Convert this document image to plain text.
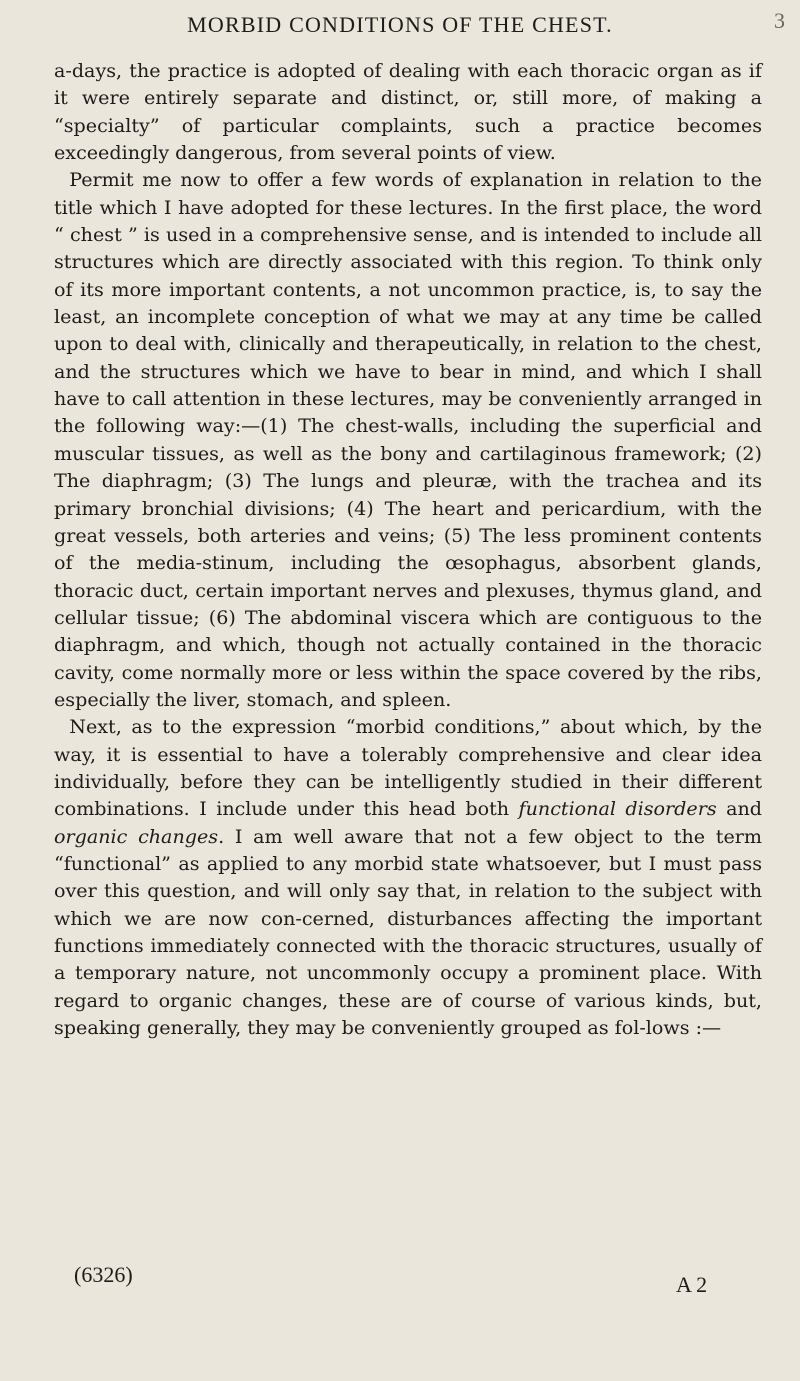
MORBID CONDITIONS OF THE CHEST.	3

a-days, the practice is adopted of dealing with each thoracic organ as if it were entirely separate and distinct, or, still more, of making a “specialty” of particular complaints, such a practice becomes exceedingly dangerous, from several points of view.

Permit me now to offer a few words of explanation in relation to the title which I have adopted for these lectures. In the first place, the word “ chest ” is used in a comprehensive sense, and is intended to include all structures which are directly associated with this region. To think only of its more important contents, a not uncommon practice, is, to say the least, an incomplete conception of what we may at any time be called upon to deal with, clinically and therapeutically, in relation to the chest, and the structures which we have to bear in mind, and which I shall have to call attention in these lectures, may be conveniently arranged in the following way:—(1) The chest-walls, including the superficial and muscular tissues, as well as the bony and cartilaginous framework; (2) The diaphragm; (3) The lungs and pleuræ, with the trachea and its primary bronchial divisions; (4) The heart and pericardium, with the great vessels, both arteries and veins; (5) The less prominent contents of the media-stinum, including the œsophagus, absorbent glands, thoracic duct, certain important nerves and plexuses, thymus gland, and cellular tissue; (6) The abdominal viscera which are contiguous to the diaphragm, and which, though not actually contained in the thoracic cavity, come normally more or less within the space covered by the ribs, especially the liver, stomach, and spleen.

Next, as to the expression “morbid conditions,” about which, by the way, it is essential to have a tolerably comprehensive and clear idea individually, before they can be intelligently studied in their different combinations. I include under this head both functional disorders and organic changes. I am well aware that not a few object to the term “functional” as applied to any morbid state whatsoever, but I must pass over this question, and will only say that, in relation to the subject with which we are now con-cerned, disturbances affecting the important functions immediately connected with the thoracic structures, usually of a temporary nature, not uncommonly occupy a prominent place. With regard to organic changes, these are of course of various kinds, but, speaking generally, they may be conveniently grouped as fol-lows :—

(6326)	A 2
